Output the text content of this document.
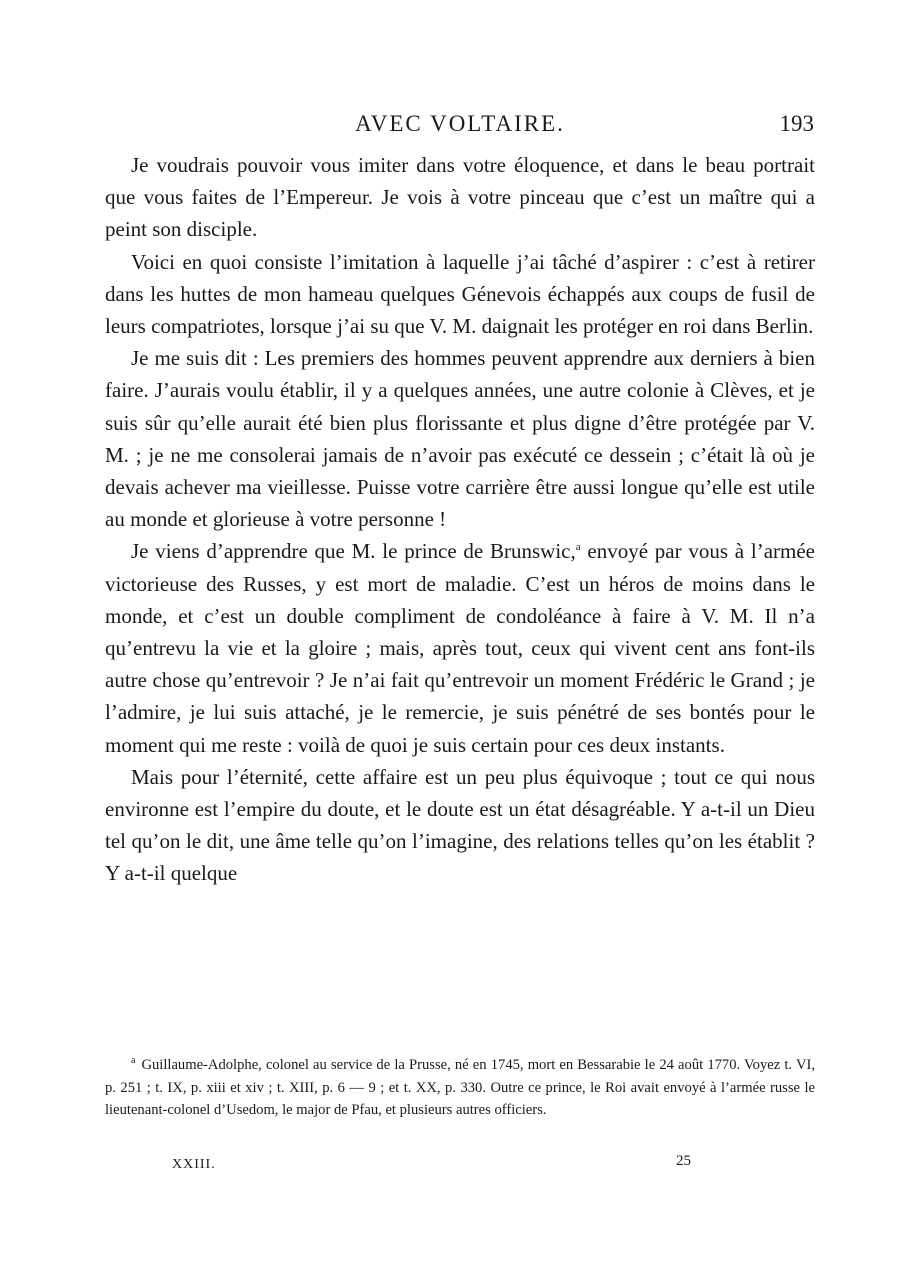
AVEC VOLTAIRE.	193

Je voudrais pouvoir vous imiter dans votre éloquence, et dans le beau portrait que vous faites de l’Empereur. Je vois à votre pinceau que c’est un maître qui a peint son disciple.

Voici en quoi consiste l’imitation à laquelle j’ai tâché d’aspirer : c’est à retirer dans les huttes de mon hameau quelques Génevois échappés aux coups de fusil de leurs compatriotes, lorsque j’ai su que V. M. daignait les protéger en roi dans Berlin.

Je me suis dit : Les premiers des hommes peuvent apprendre aux derniers à bien faire. J’aurais voulu établir, il y a quelques années, une autre colonie à Clèves, et je suis sûr qu’elle aurait été bien plus florissante et plus digne d’être protégée par V. M. ; je ne me consolerai jamais de n’avoir pas exécuté ce dessein ; c’était là où je devais achever ma vieillesse. Puisse votre carrière être aussi longue qu’elle est utile au monde et glorieuse à votre personne !

Je viens d’apprendre que M. le prince de Brunswic,$^a$ envoyé par vous à l’armée victorieuse des Russes, y est mort de maladie. C’est un héros de moins dans le monde, et c’est un double compliment de condoléance à faire à V. M. Il n’a qu’entrevu la vie et la gloire ; mais, après tout, ceux qui vivent cent ans font-ils autre chose qu’entrevoir ? Je n’ai fait qu’entrevoir un moment Frédéric le Grand ; je l’admire, je lui suis attaché, je le remercie, je suis pénétré de ses bontés pour le moment qui me reste : voilà de quoi je suis certain pour ces deux instants.

Mais pour l’éternité, cette affaire est un peu plus équivoque ; tout ce qui nous environne est l’empire du doute, et le doute est un état désagréable. Y a-t-il un Dieu tel qu’on le dit, une âme telle qu’on l’imagine, des relations telles qu’on les établit ? Y a-t-il quelque

$^a$ Guillaume-Adolphe, colonel au service de la Prusse, né en 1745, mort en Bessarabie le 24 août 1770. Voyez t. VI, p. 251 ; t. IX, p. xiii et xiv ; t. XIII, p. 6 — 9 ; et t. XX, p. 330. Outre ce prince, le Roi avait envoyé à l’armée russe le lieutenant-colonel d’Usedom, le major de Pfau, et plusieurs autres officiers.
XXIII.	25
